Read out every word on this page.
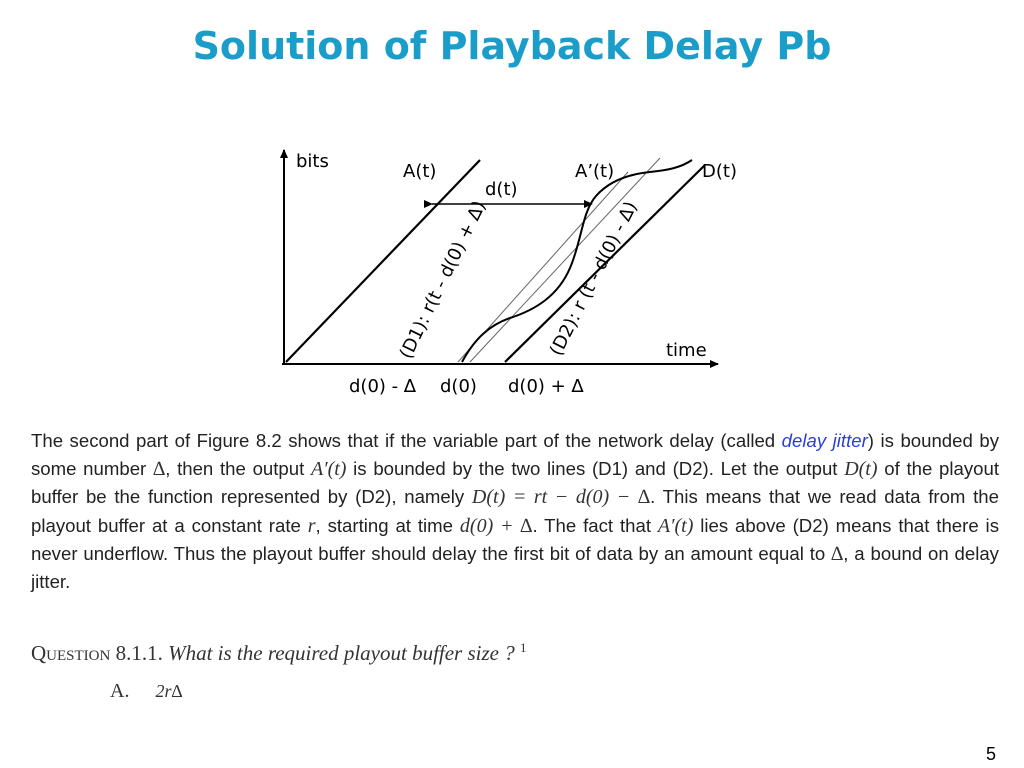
Solution of Playback Delay Pb
bits
time
A(t)	A’(t)	D(t)
d(t)
(D1): r(t - d(0) + ∆)	(D2): r (t - d(0) - ∆)
d(0) - ∆ d(0) d(0) + ∆

The second part of Figure 8.2 shows that if the variable part of the network delay (called delay jitter) is bounded by some number ∆, then the output A′(t) is bounded by the two lines (D1) and (D2). Let the output D(t) of the playout buffer be the function represented by (D2), namely D(t) = rt − d(0) − ∆. This means that we read data from the playout buffer at a constant rate r, starting at time d(0) + ∆. The fact that A′(t) lies above (D2) means that there is never underflow. Thus the playout buffer should delay the first bit of data by an amount equal to ∆, a bound on delay jitter.

Question 8.1.1. What is the required playout buffer size ? $^1$
A. 2r∆
5
